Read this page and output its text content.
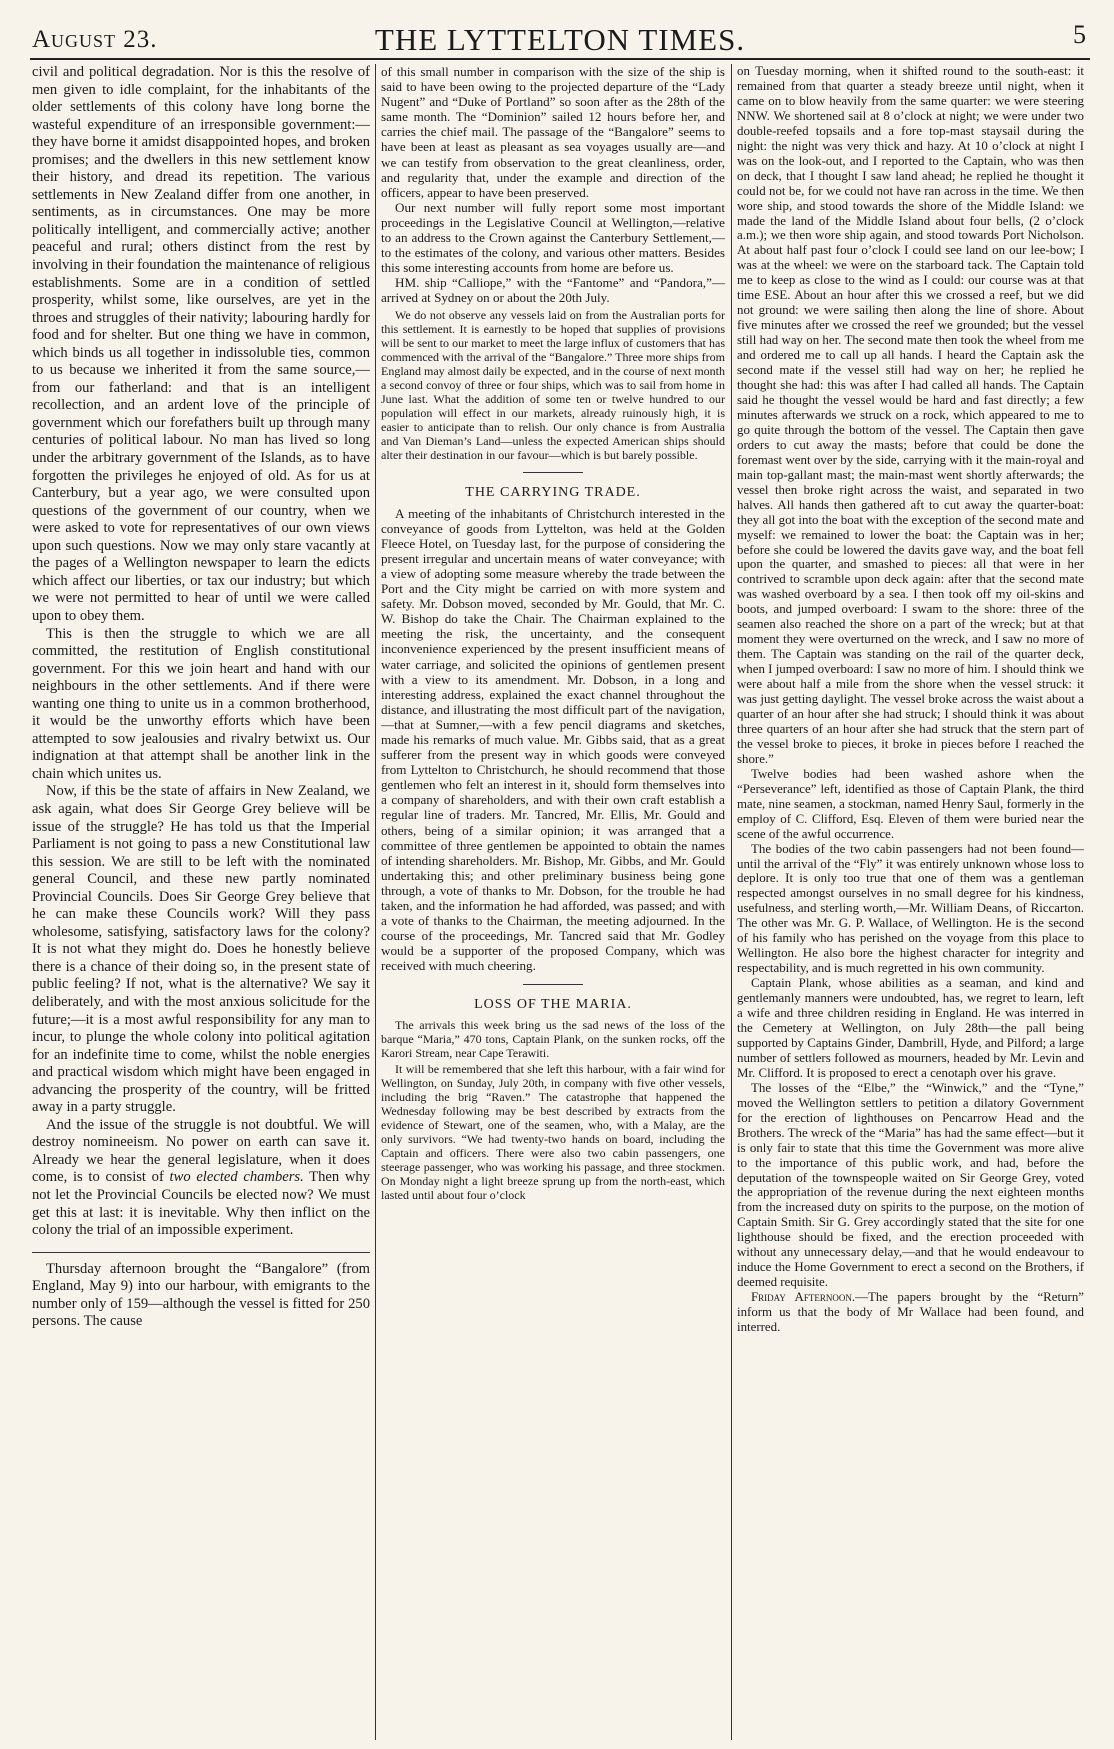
August 23.	THE LYTTELTON TIMES.	5

civil and political degradation. Nor is this the resolve of men given to idle complaint, for the inhabitants of the older settlements of this colony have long borne the wasteful expenditure of an irresponsible government:—they have borne it amidst disappointed hopes, and broken promises; and the dwellers in this new settlement know their history, and dread its repetition. The various settlements in New Zealand differ from one another, in sentiments, as in circumstances. One may be more politically intelligent, and commercially active; another peaceful and rural; others distinct from the rest by involving in their foundation the maintenance of religious establishments. Some are in a condition of settled prosperity, whilst some, like ourselves, are yet in the throes and struggles of their nativity; labouring hardly for food and for shelter. But one thing we have in common, which binds us all together in indissoluble ties, common to us because we inherited it from the same source,—from our fatherland: and that is an intelligent recollection, and an ardent love of the principle of government which our forefathers built up through many centuries of political labour. No man has lived so long under the arbitrary government of the Islands, as to have forgotten the privileges he enjoyed of old. As for us at Canterbury, but a year ago, we were consulted upon questions of the government of our country, when we were asked to vote for representatives of our own views upon such questions. Now we may only stare vacantly at the pages of a Wellington newspaper to learn the edicts which affect our liberties, or tax our industry; but which we were not permitted to hear of until we were called upon to obey them.

This is then the struggle to which we are all committed, the restitution of English constitutional government. For this we join heart and hand with our neighbours in the other settlements. And if there were wanting one thing to unite us in a common brotherhood, it would be the unworthy efforts which have been attempted to sow jealousies and rivalry betwixt us. Our indignation at that attempt shall be another link in the chain which unites us.

Now, if this be the state of affairs in New Zealand, we ask again, what does Sir George Grey believe will be issue of the struggle? He has told us that the Imperial Parliament is not going to pass a new Constitutional law this session. We are still to be left with the nominated general Council, and these new partly nominated Provincial Councils. Does Sir George Grey believe that he can make these Councils work? Will they pass wholesome, satisfying, satisfactory laws for the colony? It is not what they might do. Does he honestly believe there is a chance of their doing so, in the present state of public feeling? If not, what is the alternative? We say it deliberately, and with the most anxious solicitude for the future;—it is a most awful responsibility for any man to incur, to plunge the whole colony into political agitation for an indefinite time to come, whilst the noble energies and practical wisdom which might have been engaged in advancing the prosperity of the country, will be fritted away in a party struggle.

And the issue of the struggle is not doubtful. We will destroy nomineeism. No power on earth can save it. Already we hear the general legislature, when it does come, is to consist of two elected chambers. Then why not let the Provincial Councils be elected now? We must get this at last: it is inevitable. Why then inflict on the colony the trial of an impossible experiment.

Thursday afternoon brought the “Bangalore” (from England, May 9) into our harbour, with emigrants to the number only of 159—although the vessel is fitted for 250 persons. The cause

of this small number in comparison with the size of the ship is said to have been owing to the projected departure of the “Lady Nugent” and “Duke of Portland” so soon after as the 28th of the same month. The “Dominion” sailed 12 hours before her, and carries the chief mail. The passage of the “Bangalore” seems to have been at least as pleasant as sea voyages usually are—and we can testify from observation to the great cleanliness, order, and regularity that, under the example and direction of the officers, appear to have been preserved.

Our next number will fully report some most important proceedings in the Legislative Council at Wellington,—relative to an address to the Crown against the Canterbury Settlement,—to the estimates of the colony, and various other matters. Besides this some interesting accounts from home are before us.

HM. ship “Calliope,” with the “Fantome” and “Pandora,”—arrived at Sydney on or about the 20th July.

We do not observe any vessels laid on from the Australian ports for this settlement. It is earnestly to be hoped that supplies of provisions will be sent to our market to meet the large influx of customers that has commenced with the arrival of the “Bangalore.” Three more ships from England may almost daily be expected, and in the course of next month a second convoy of three or four ships, which was to sail from home in June last. What the addition of some ten or twelve hundred to our population will effect in our markets, already ruinously high, it is easier to anticipate than to relish. Our only chance is from Australia and Van Dieman’s Land—unless the expected American ships should alter their destination in our favour—which is but barely possible.

THE CARRYING TRADE.

A meeting of the inhabitants of Christchurch interested in the conveyance of goods from Lyttelton, was held at the Golden Fleece Hotel, on Tuesday last, for the purpose of considering the present irregular and uncertain means of water conveyance; with a view of adopting some measure whereby the trade between the Port and the City might be carried on with more system and safety. Mr. Dobson moved, seconded by Mr. Gould, that Mr. C. W. Bishop do take the Chair. The Chairman explained to the meeting the risk, the uncertainty, and the consequent inconvenience experienced by the present insufficient means of water carriage, and solicited the opinions of gentlemen present with a view to its amendment. Mr. Dobson, in a long and interesting address, explained the exact channel throughout the distance, and illustrating the most difficult part of the navigation,—that at Sumner,—with a few pencil diagrams and sketches, made his remarks of much value. Mr. Gibbs said, that as a great sufferer from the present way in which goods were conveyed from Lyttelton to Christchurch, he should recommend that those gentlemen who felt an interest in it, should form themselves into a company of shareholders, and with their own craft establish a regular line of traders. Mr. Tancred, Mr. Ellis, Mr. Gould and others, being of a similar opinion; it was arranged that a committee of three gentlemen be appointed to obtain the names of intending shareholders. Mr. Bishop, Mr. Gibbs, and Mr. Gould undertaking this; and other preliminary business being gone through, a vote of thanks to Mr. Dobson, for the trouble he had taken, and the information he had afforded, was passed; and with a vote of thanks to the Chairman, the meeting adjourned. In the course of the proceedings, Mr. Tancred said that Mr. Godley would be a supporter of the proposed Company, which was received with much cheering.

LOSS OF THE MARIA.

The arrivals this week bring us the sad news of the loss of the barque “Maria,” 470 tons, Captain Plank, on the sunken rocks, off the Karori Stream, near Cape Terawiti.

It will be remembered that she left this harbour, with a fair wind for Wellington, on Sunday, July 20th, in company with five other vessels, including the brig “Raven.” The catastrophe that happened the Wednesday following may be best described by extracts from the evidence of Stewart, one of the seamen, who, with a Malay, are the only survivors. “We had twenty-two hands on board, including the Captain and officers. There were also two cabin passengers, one steerage passenger, who was working his passage, and three stockmen. On Monday night a light breeze sprung up from the north-east, which lasted until about four o’clock

on Tuesday morning, when it shifted round to the south-east: it remained from that quarter a steady breeze until night, when it came on to blow heavily from the same quarter: we were steering NNW. We shortened sail at 8 o’clock at night; we were under two double-reefed topsails and a fore top-mast staysail during the night: the night was very thick and hazy. At 10 o’clock at night I was on the look-out, and I reported to the Captain, who was then on deck, that I thought I saw land ahead; he replied he thought it could not be, for we could not have ran across in the time. We then wore ship, and stood towards the shore of the Middle Island: we made the land of the Middle Island about four bells, (2 o’clock a.m.); we then wore ship again, and stood towards Port Nicholson. At about half past four o’clock I could see land on our lee-bow; I was at the wheel: we were on the starboard tack. The Captain told me to keep as close to the wind as I could: our course was at that time ESE. About an hour after this we crossed a reef, but we did not ground: we were sailing then along the line of shore. About five minutes after we crossed the reef we grounded; but the vessel still had way on her. The second mate then took the wheel from me and ordered me to call up all hands. I heard the Captain ask the second mate if the vessel still had way on her; he replied he thought she had: this was after I had called all hands. The Captain said he thought the vessel would be hard and fast directly; a few minutes afterwards we struck on a rock, which appeared to me to go quite through the bottom of the vessel. The Captain then gave orders to cut away the masts; before that could be done the foremast went over by the side, carrying with it the main-royal and main top-gallant mast; the main-mast went shortly afterwards; the vessel then broke right across the waist, and separated in two halves. All hands then gathered aft to cut away the quarter-boat: they all got into the boat with the exception of the second mate and myself: we remained to lower the boat: the Captain was in her; before she could be lowered the davits gave way, and the boat fell upon the quarter, and smashed to pieces: all that were in her contrived to scramble upon deck again: after that the second mate was washed overboard by a sea. I then took off my oil-skins and boots, and jumped overboard: I swam to the shore: three of the seamen also reached the shore on a part of the wreck; but at that moment they were overturned on the wreck, and I saw no more of them. The Captain was standing on the rail of the quarter deck, when I jumped overboard: I saw no more of him. I should think we were about half a mile from the shore when the vessel struck: it was just getting daylight. The vessel broke across the waist about a quarter of an hour after she had struck; I should think it was about three quarters of an hour after she had struck that the stern part of the vessel broke to pieces, it broke in pieces before I reached the shore.”

Twelve bodies had been washed ashore when the “Perseverance” left, identified as those of Captain Plank, the third mate, nine seamen, a stockman, named Henry Saul, formerly in the employ of C. Clifford, Esq. Eleven of them were buried near the scene of the awful occurrence.

The bodies of the two cabin passengers had not been found—until the arrival of the “Fly” it was entirely unknown whose loss to deplore. It is only too true that one of them was a gentleman respected amongst ourselves in no small degree for his kindness, usefulness, and sterling worth,—Mr. William Deans, of Riccarton. The other was Mr. G. P. Wallace, of Wellington. He is the second of his family who has perished on the voyage from this place to Wellington. He also bore the highest character for integrity and respectability, and is much regretted in his own community.

Captain Plank, whose abilities as a seaman, and kind and gentlemanly manners were undoubted, has, we regret to learn, left a wife and three children residing in England. He was interred in the Cemetery at Wellington, on July 28th—the pall being supported by Captains Ginder, Dambrill, Hyde, and Pilford; a large number of settlers followed as mourners, headed by Mr. Levin and Mr. Clifford. It is proposed to erect a cenotaph over his grave.

The losses of the “Elbe,” the “Winwick,” and the “Tyne,” moved the Wellington settlers to petition a dilatory Government for the erection of lighthouses on Pencarrow Head and the Brothers. The wreck of the “Maria” has had the same effect—but it is only fair to state that this time the Government was more alive to the importance of this public work, and had, before the deputation of the townspeople waited on Sir George Grey, voted the appropriation of the revenue during the next eighteen months from the increased duty on spirits to the purpose, on the motion of Captain Smith. Sir G. Grey accordingly stated that the site for one lighthouse should be fixed, and the erection proceeded with without any unnecessary delay,—and that he would endeavour to induce the Home Government to erect a second on the Brothers, if deemed requisite.

Friday Afternoon.—The papers brought by the “Return” inform us that the body of Mr Wallace had been found, and interred.
